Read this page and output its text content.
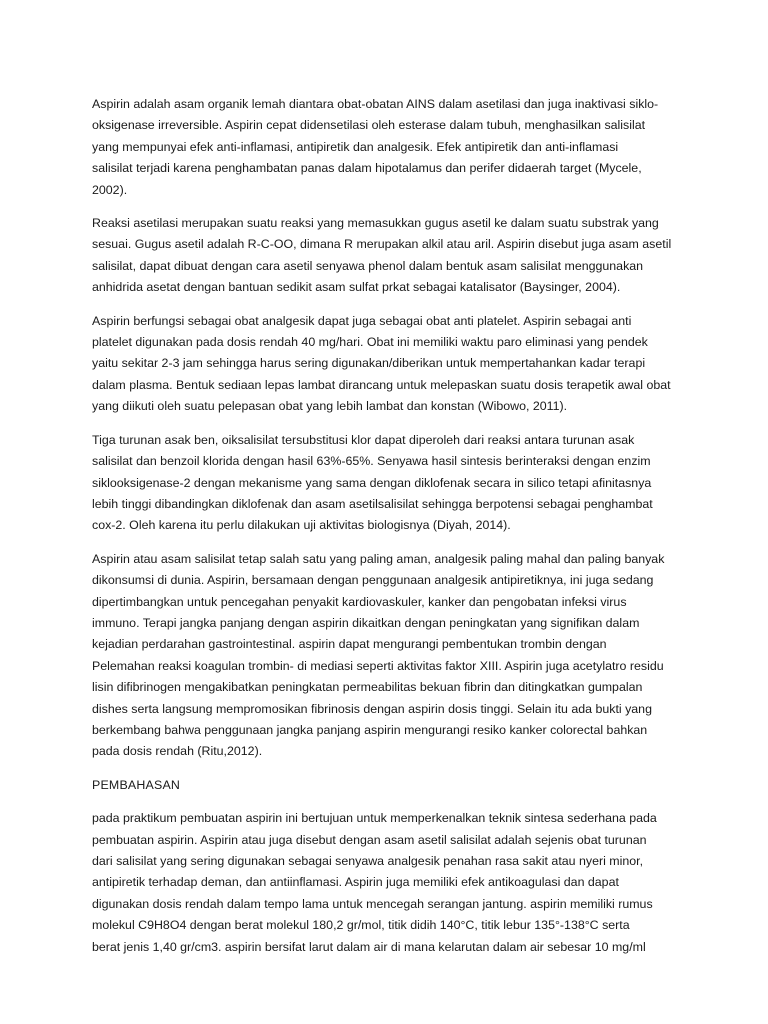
Aspirin adalah asam organik lemah diantara obat-obatan AINS dalam asetilasi dan juga inaktivasi siklo-
oksigenase irreversible. Aspirin cepat didensetilasi oleh esterase dalam tubuh, menghasilkan salisilat
yang mempunyai efek anti-inflamasi, antipiretik dan analgesik. Efek antipiretik dan anti-inflamasi
salisilat terjadi karena penghambatan panas dalam hipotalamus dan perifer didaerah target (Mycele,
2002).

Reaksi asetilasi merupakan suatu reaksi yang memasukkan gugus asetil ke dalam suatu substrak yang
sesuai. Gugus asetil adalah R-C-OO, dimana R merupakan alkil atau aril. Aspirin disebut juga asam asetil
salisilat, dapat dibuat dengan cara asetil senyawa phenol dalam bentuk asam salisilat menggunakan
anhidrida asetat dengan bantuan sedikit asam sulfat prkat sebagai katalisator (Baysinger, 2004).

Aspirin berfungsi sebagai obat analgesik dapat juga sebagai obat anti platelet. Aspirin sebagai anti
platelet digunakan pada dosis rendah 40 mg/hari. Obat ini memiliki waktu paro eliminasi yang pendek
yaitu sekitar 2-3 jam sehingga harus sering digunakan/diberikan untuk mempertahankan kadar terapi
dalam plasma. Bentuk sediaan lepas lambat dirancang untuk melepaskan suatu dosis terapetik awal obat
yang diikuti oleh suatu pelepasan obat yang lebih lambat dan konstan (Wibowo, 2011).

Tiga turunan asak ben, oiksalisilat tersubstitusi klor dapat diperoleh dari reaksi antara turunan asak
salisilat dan benzoil klorida dengan hasil 63%-65%. Senyawa hasil sintesis berinteraksi dengan enzim
siklooksigenase-2 dengan mekanisme yang sama dengan diklofenak secara in silico tetapi afinitasnya
lebih tinggi dibandingkan diklofenak dan asam asetilsalisilat sehingga berpotensi sebagai penghambat
cox-2. Oleh karena itu perlu dilakukan uji aktivitas biologisnya (Diyah, 2014).

Aspirin atau asam salisilat tetap salah satu yang paling aman, analgesik paling mahal dan paling banyak
dikonsumsi di dunia. Aspirin, bersamaan dengan penggunaan analgesik antipiretiknya, ini juga sedang
dipertimbangkan untuk pencegahan penyakit kardiovaskuler, kanker dan pengobatan infeksi virus
immuno. Terapi jangka panjang dengan aspirin dikaitkan dengan peningkatan yang signifikan dalam
kejadian perdarahan gastrointestinal. aspirin dapat mengurangi pembentukan trombin dengan
Pelemahan reaksi koagulan trombin- di mediasi seperti aktivitas faktor XIII. Aspirin juga acetylatro residu
lisin difibrinogen mengakibatkan peningkatan permeabilitas bekuan fibrin dan ditingkatkan gumpalan
dishes serta langsung mempromosikan fibrinosis dengan aspirin dosis tinggi. Selain itu ada bukti yang
berkembang bahwa penggunaan jangka panjang aspirin mengurangi resiko kanker colorectal bahkan
pada dosis rendah (Ritu,2012).

PEMBAHASAN

pada praktikum pembuatan aspirin ini bertujuan untuk memperkenalkan teknik sintesa sederhana pada
pembuatan aspirin. Aspirin atau juga disebut dengan asam asetil salisilat adalah sejenis obat turunan
dari salisilat yang sering digunakan sebagai senyawa analgesik penahan rasa sakit atau nyeri minor,
antipiretik terhadap deman, dan antiinflamasi. Aspirin juga memiliki efek antikoagulasi dan dapat
digunakan dosis rendah dalam tempo lama untuk mencegah serangan jantung. aspirin memiliki rumus
molekul C9H8O4 dengan berat molekul 180,2 gr/mol, titik didih 140°C, titik lebur 135°-138°C serta
berat jenis 1,40 gr/cm3. aspirin bersifat larut dalam air di mana kelarutan dalam air sebesar 10 mg/ml
